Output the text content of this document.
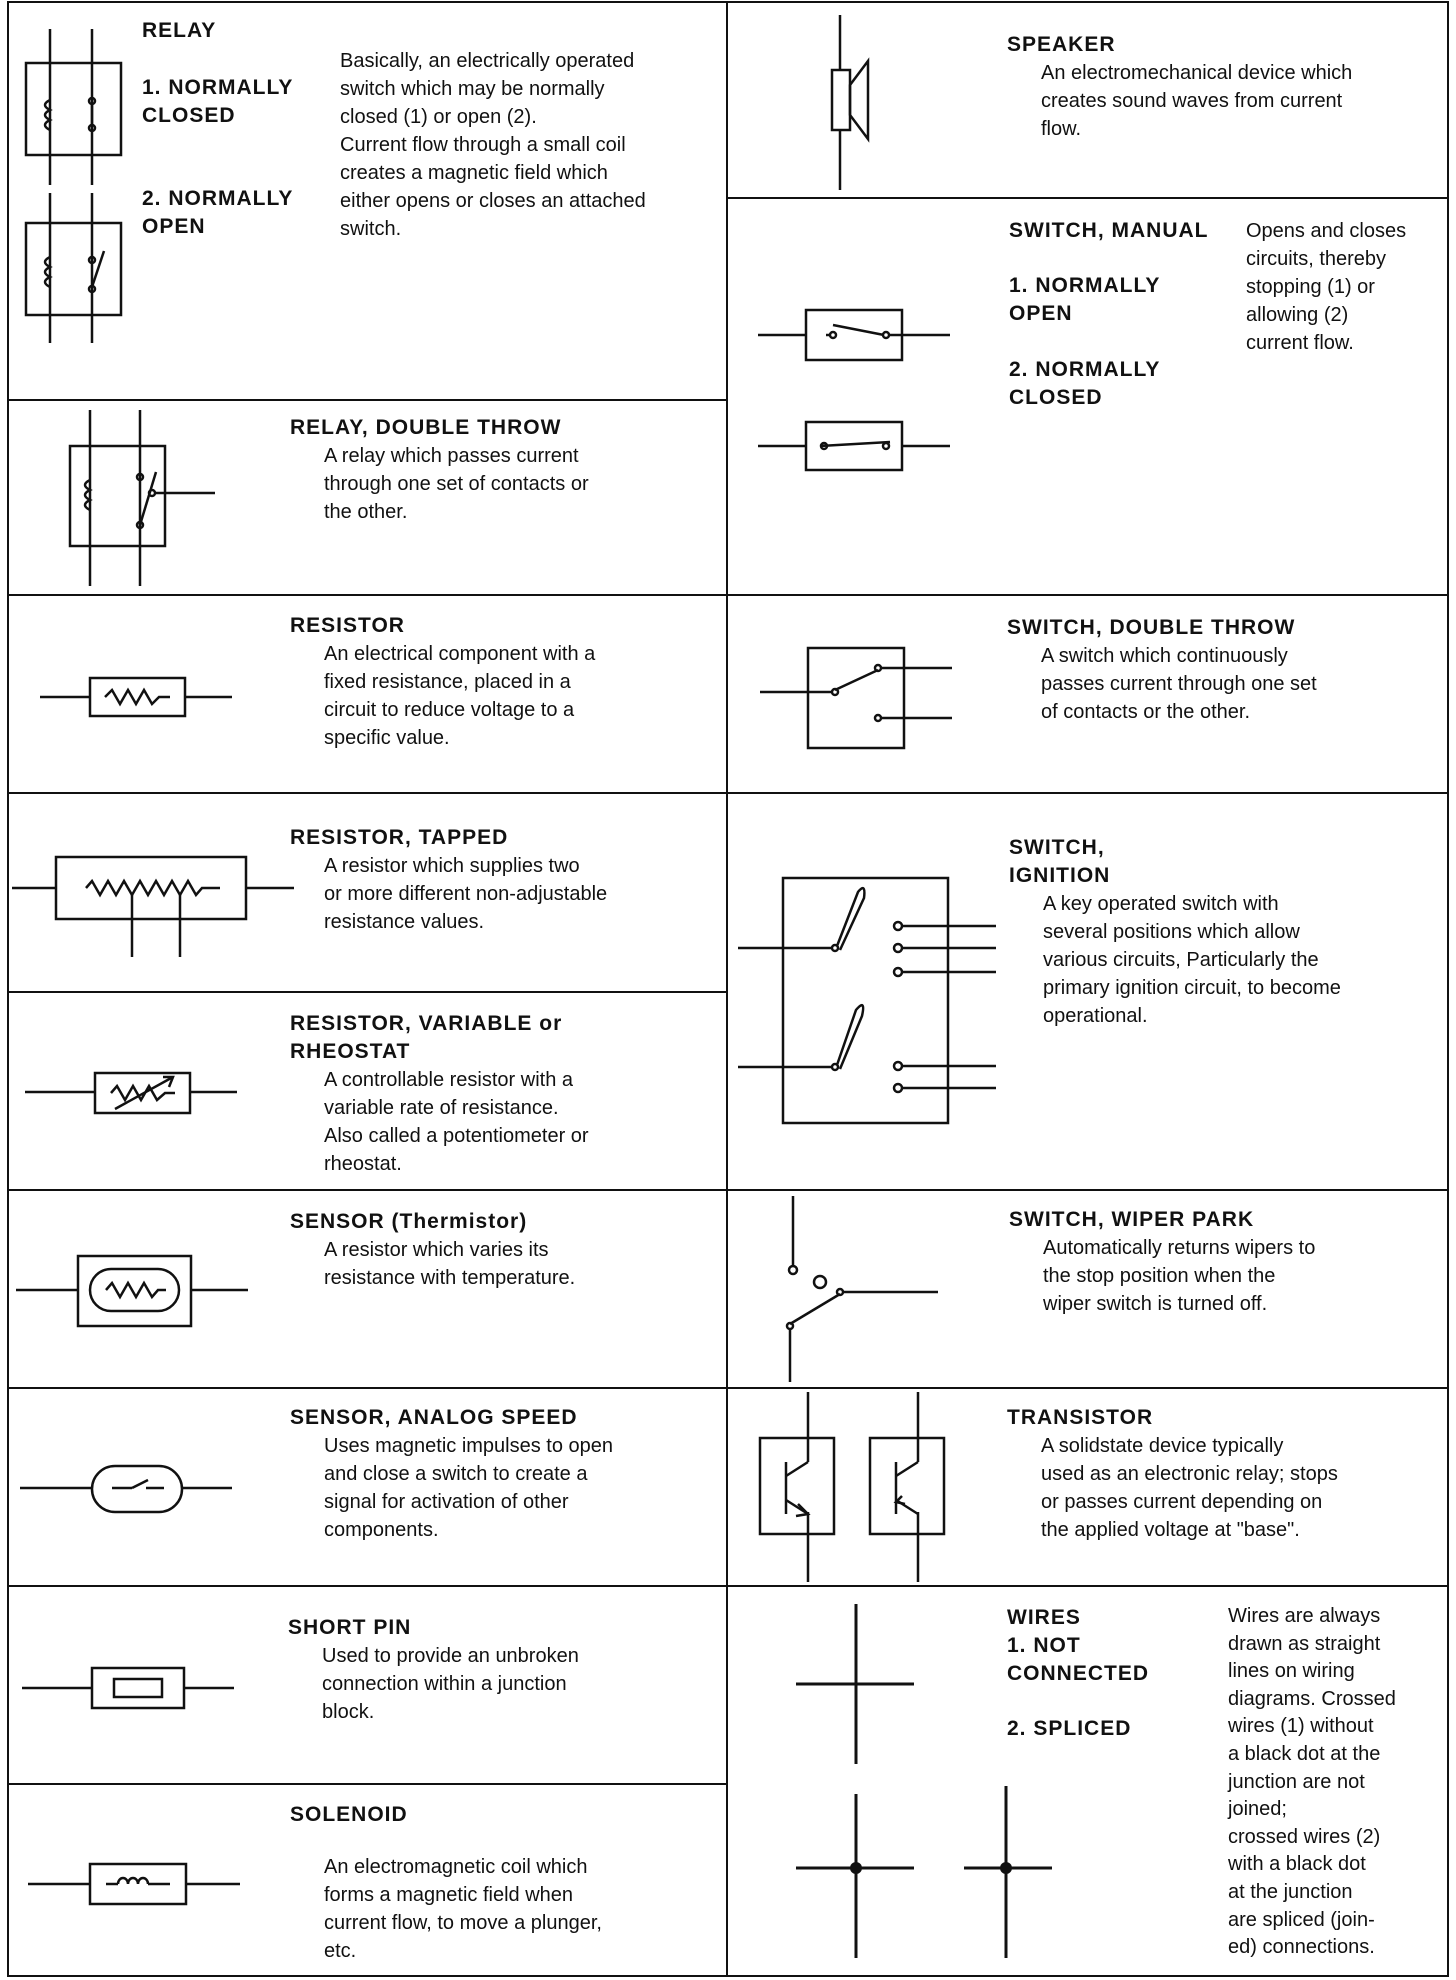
RELAY
1. NORMALLY
CLOSED
2. NORMALLY
OPEN
Basically, an electrically operated
switch which may be normally
closed (1) or open (2).
Current flow through a small coil
creates a magnetic field which
either opens or closes an attached
switch.
RELAY, DOUBLE THROW
A relay which passes current
through one set of contacts or
the other.
RESISTOR
An electrical component with a
fixed resistance, placed in a
circuit to reduce voltage to a
specific value.
RESISTOR, TAPPED
A resistor which supplies two
or more different non-adjustable
resistance values.
RESISTOR, VARIABLE or
RHEOSTAT
A controllable resistor with a
variable rate of resistance.
Also called a potentiometer or
rheostat.
SENSOR (Thermistor)
A resistor which varies its
resistance with temperature.
SENSOR, ANALOG SPEED
Uses magnetic impulses to open
and close a switch to create a
signal for activation of other
components.
SHORT PIN
Used to provide an unbroken
connection within a junction
block.
SOLENOID
An electromagnetic coil which
forms a magnetic field when
current flow, to move a plunger,
etc.
SPEAKER
An electromechanical device which
creates sound waves from current
flow.
SWITCH, MANUAL
1. NORMALLY
OPEN
2. NORMALLY
CLOSED
Opens and closes
circuits, thereby
stopping (1) or
allowing (2)
current flow.
SWITCH, DOUBLE THROW
A switch which continuously
passes current through one set
of contacts or the other.
SWITCH,
IGNITION
A key operated switch with
several positions which allow
various circuits, Particularly the
primary ignition circuit, to become
operational.
SWITCH, WIPER PARK
Automatically returns wipers to
the stop position when the
wiper switch is turned off.
TRANSISTOR
A solidstate device typically
used as an electronic relay; stops
or passes current depending on
the applied voltage at "base".
WIRES
1. NOT
CONNECTED
2. SPLICED
Wires are always
drawn as straight
lines on wiring
diagrams. Crossed
wires (1) without
a black dot at the
junction are not
joined;
crossed wires (2)
with a black dot
at the junction
are spliced (join-
ed) connections.
